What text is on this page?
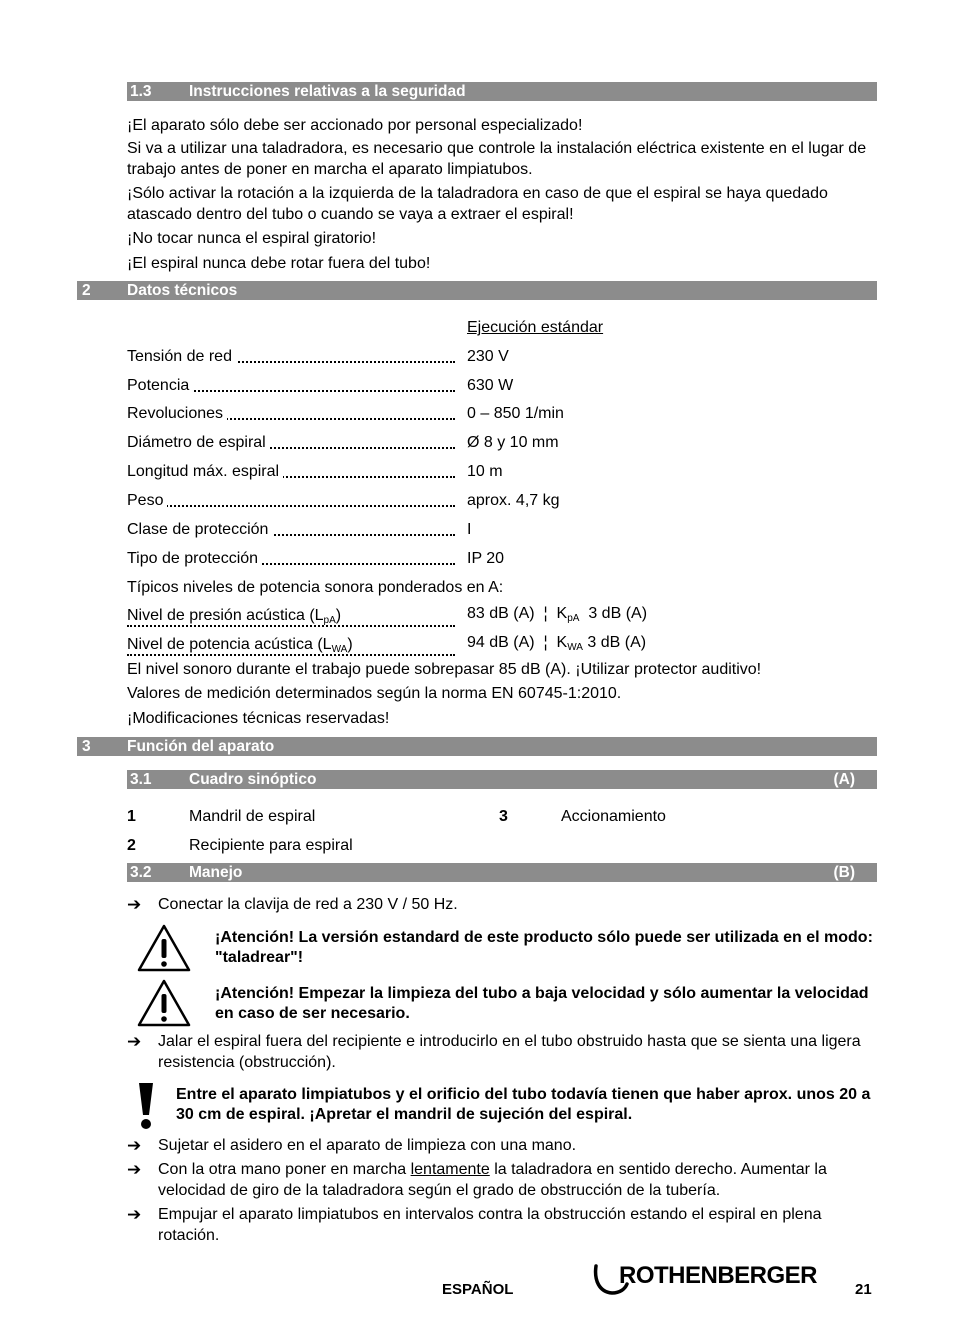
1.3 Instrucciones relativas a la seguridad
¡El aparato sólo debe ser accionado por personal especializado!
Si va a utilizar una taladradora, es necesario que controle la instalación eléctrica existente en el lugar de trabajo antes de poner en marcha el aparato limpiatubos.
¡Sólo activar la rotación a la izquierda de la taladradora en caso de que el espiral se haya quedado atascado dentro del tubo o cuando se vaya a extraer el espiral!
¡No tocar nunca el espiral giratorio!
¡El espiral nunca debe rotar fuera del tubo!
2 Datos técnicos
Ejecución estándar
Tensión de red	230 V
Potencia	630 W
Revoluciones	0 – 850 1/min
Diámetro de espiral	Ø 8 y 10 mm
Longitud máx. espiral	10 m
Peso	aprox. 4,7 kg
Clase de protección	I
Tipo de protección	IP 20
Típicos niveles de potencia sonora ponderados en A:
Nivel de presión acústica $(L_{pA})$	83 dB (A)  ¦  $K_{pA}$  3 dB (A)
Nivel de potencia acústica $(L_{WA})$	94 dB (A)  ¦  $K_{WA}$ 3 dB (A)
El nivel sonoro durante el trabajo puede sobrepasar 85 dB (A). ¡Utilizar protector auditivo!
Valores de medición determinados según la norma EN 60745-1:2010.
¡Modificaciones técnicas reservadas!
3 Función del aparato
3.1 Cuadro sinóptico	(A)
1	Mandril de espiral	3	Accionamiento
2	Recipiente para espiral
3.2 Manejo	(B)
➔ Conectar la clavija de red a 230 V / 50 Hz.
¡Atención! La versión estandard de este producto sólo puede ser utilizada en el modo: "taladrear"!
¡Atención! Empezar la limpieza del tubo a baja velocidad y sólo aumentar la velocidad en caso de ser necesario.
➔ Jalar el espiral fuera del recipiente e introducirlo en el tubo obstruido hasta que se sienta una ligera resistencia (obstrucción).
Entre el aparato limpiatubos y el orificio del tubo todavía tienen que haber aprox. unos 20 a 30 cm de espiral. ¡Apretar el mandril de sujeción del espiral.
➔ Sujetar el asidero en el aparato de limpieza con una mano.
➔ Con la otra mano poner en marcha lentamente la taladradora en sentido derecho. Aumentar la velocidad de giro de la taladradora según el grado de obstrucción de la tubería.
➔ Empujar el aparato limpiatubos en intervalos contra la obstrucción estando el espiral en plena rotación.
ESPAÑOL
ROTHENBERGER
21
